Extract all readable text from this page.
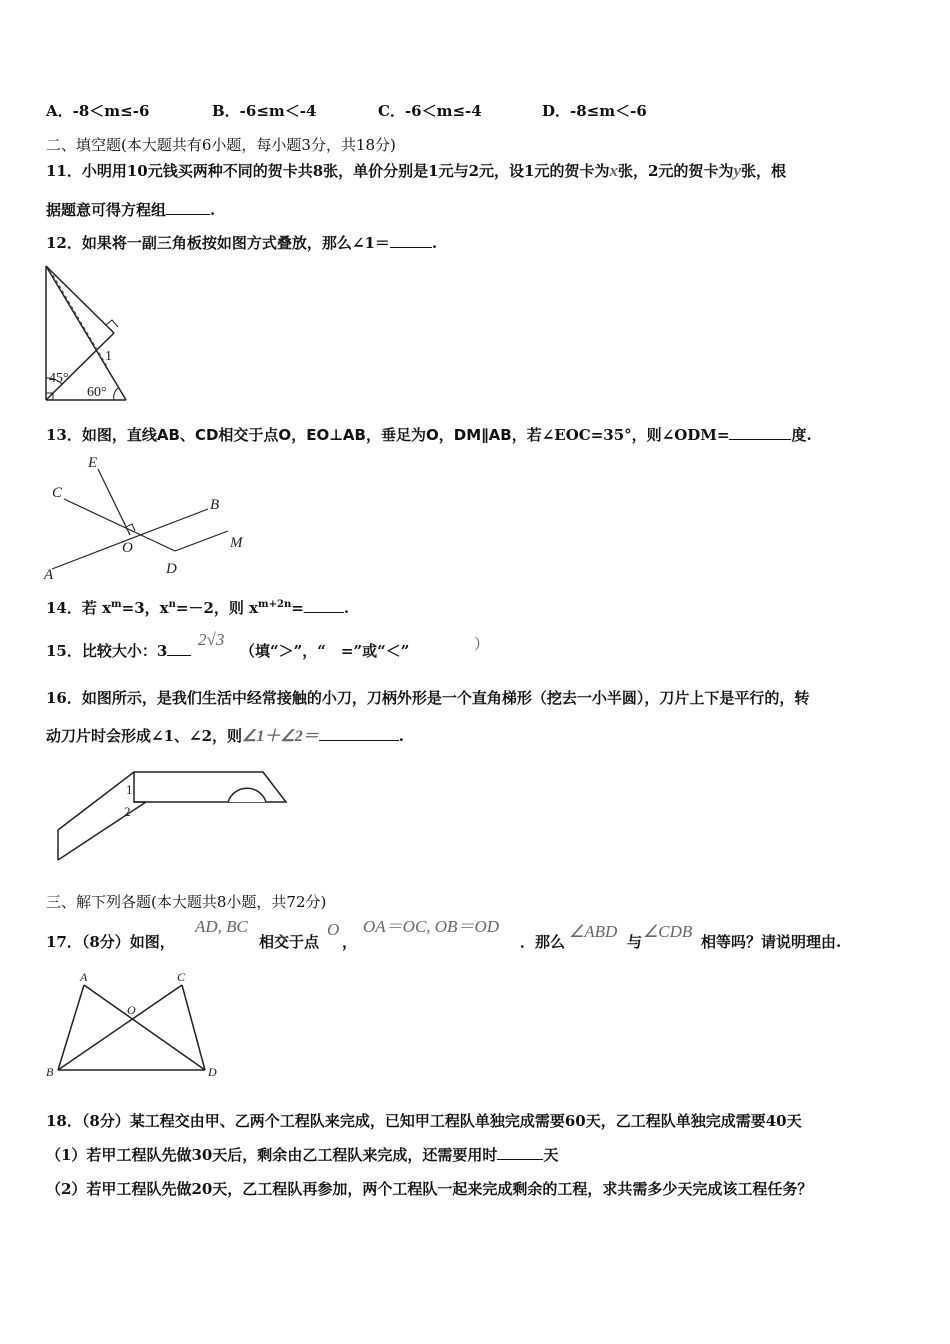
A．-8＜m≤-6	B．-6≤m＜-4	C．-6＜m≤-4	D．-8≤m＜-6
二、填空题(本大题共有6小题，每小题3分，共18分)
11．小明用10元钱买两种不同的贺卡共8张，单价分别是1元与2元，设1元的贺卡为x张，2元的贺卡为y张，根
据题意可得方程组	.
12．如果将一副三角板按如图方式叠放，那么∠1＝	.
45°
60°
1
13．如图，直线AB、CD相交于点O，EO⊥AB，垂足为O，DM∥AB，若∠EOC=35°，则∠ODM=	度.
E
C
B
O	M
A	D
14．若 $x^m=3$，$x^n=-2$，则 $x^{m+2n}=$	.
15．比较大小：3
2√3
（填“＞”，“　=”或“＜”	）
16．如图所示，是我们生活中经常接触的小刀，刀柄外形是一个直角梯形（挖去一小半圆），刀片上下是平行的，转
动刀片时会形成∠1、∠2，则∠1＋∠2＝	.
1
2
三、解下列各题(本大题共8小题，共72分)
17．（8分）如图，
AD, BC
相交于点
O
，
OA＝OC, OB＝OD
．那么
∠ABD
与
∠CDB
相等吗？请说明理由.
A	C
O
B	D
18．（8分）某工程交由甲、乙两个工程队来完成，已知甲工程队单独完成需要60天，乙工程队单独完成需要40天
（1）若甲工程队先做30天后，剩余由乙工程队来完成，还需要用时	天
（2）若甲工程队先做20天，乙工程队再参加，两个工程队一起来完成剩余的工程，求共需多少天完成该工程任务？
